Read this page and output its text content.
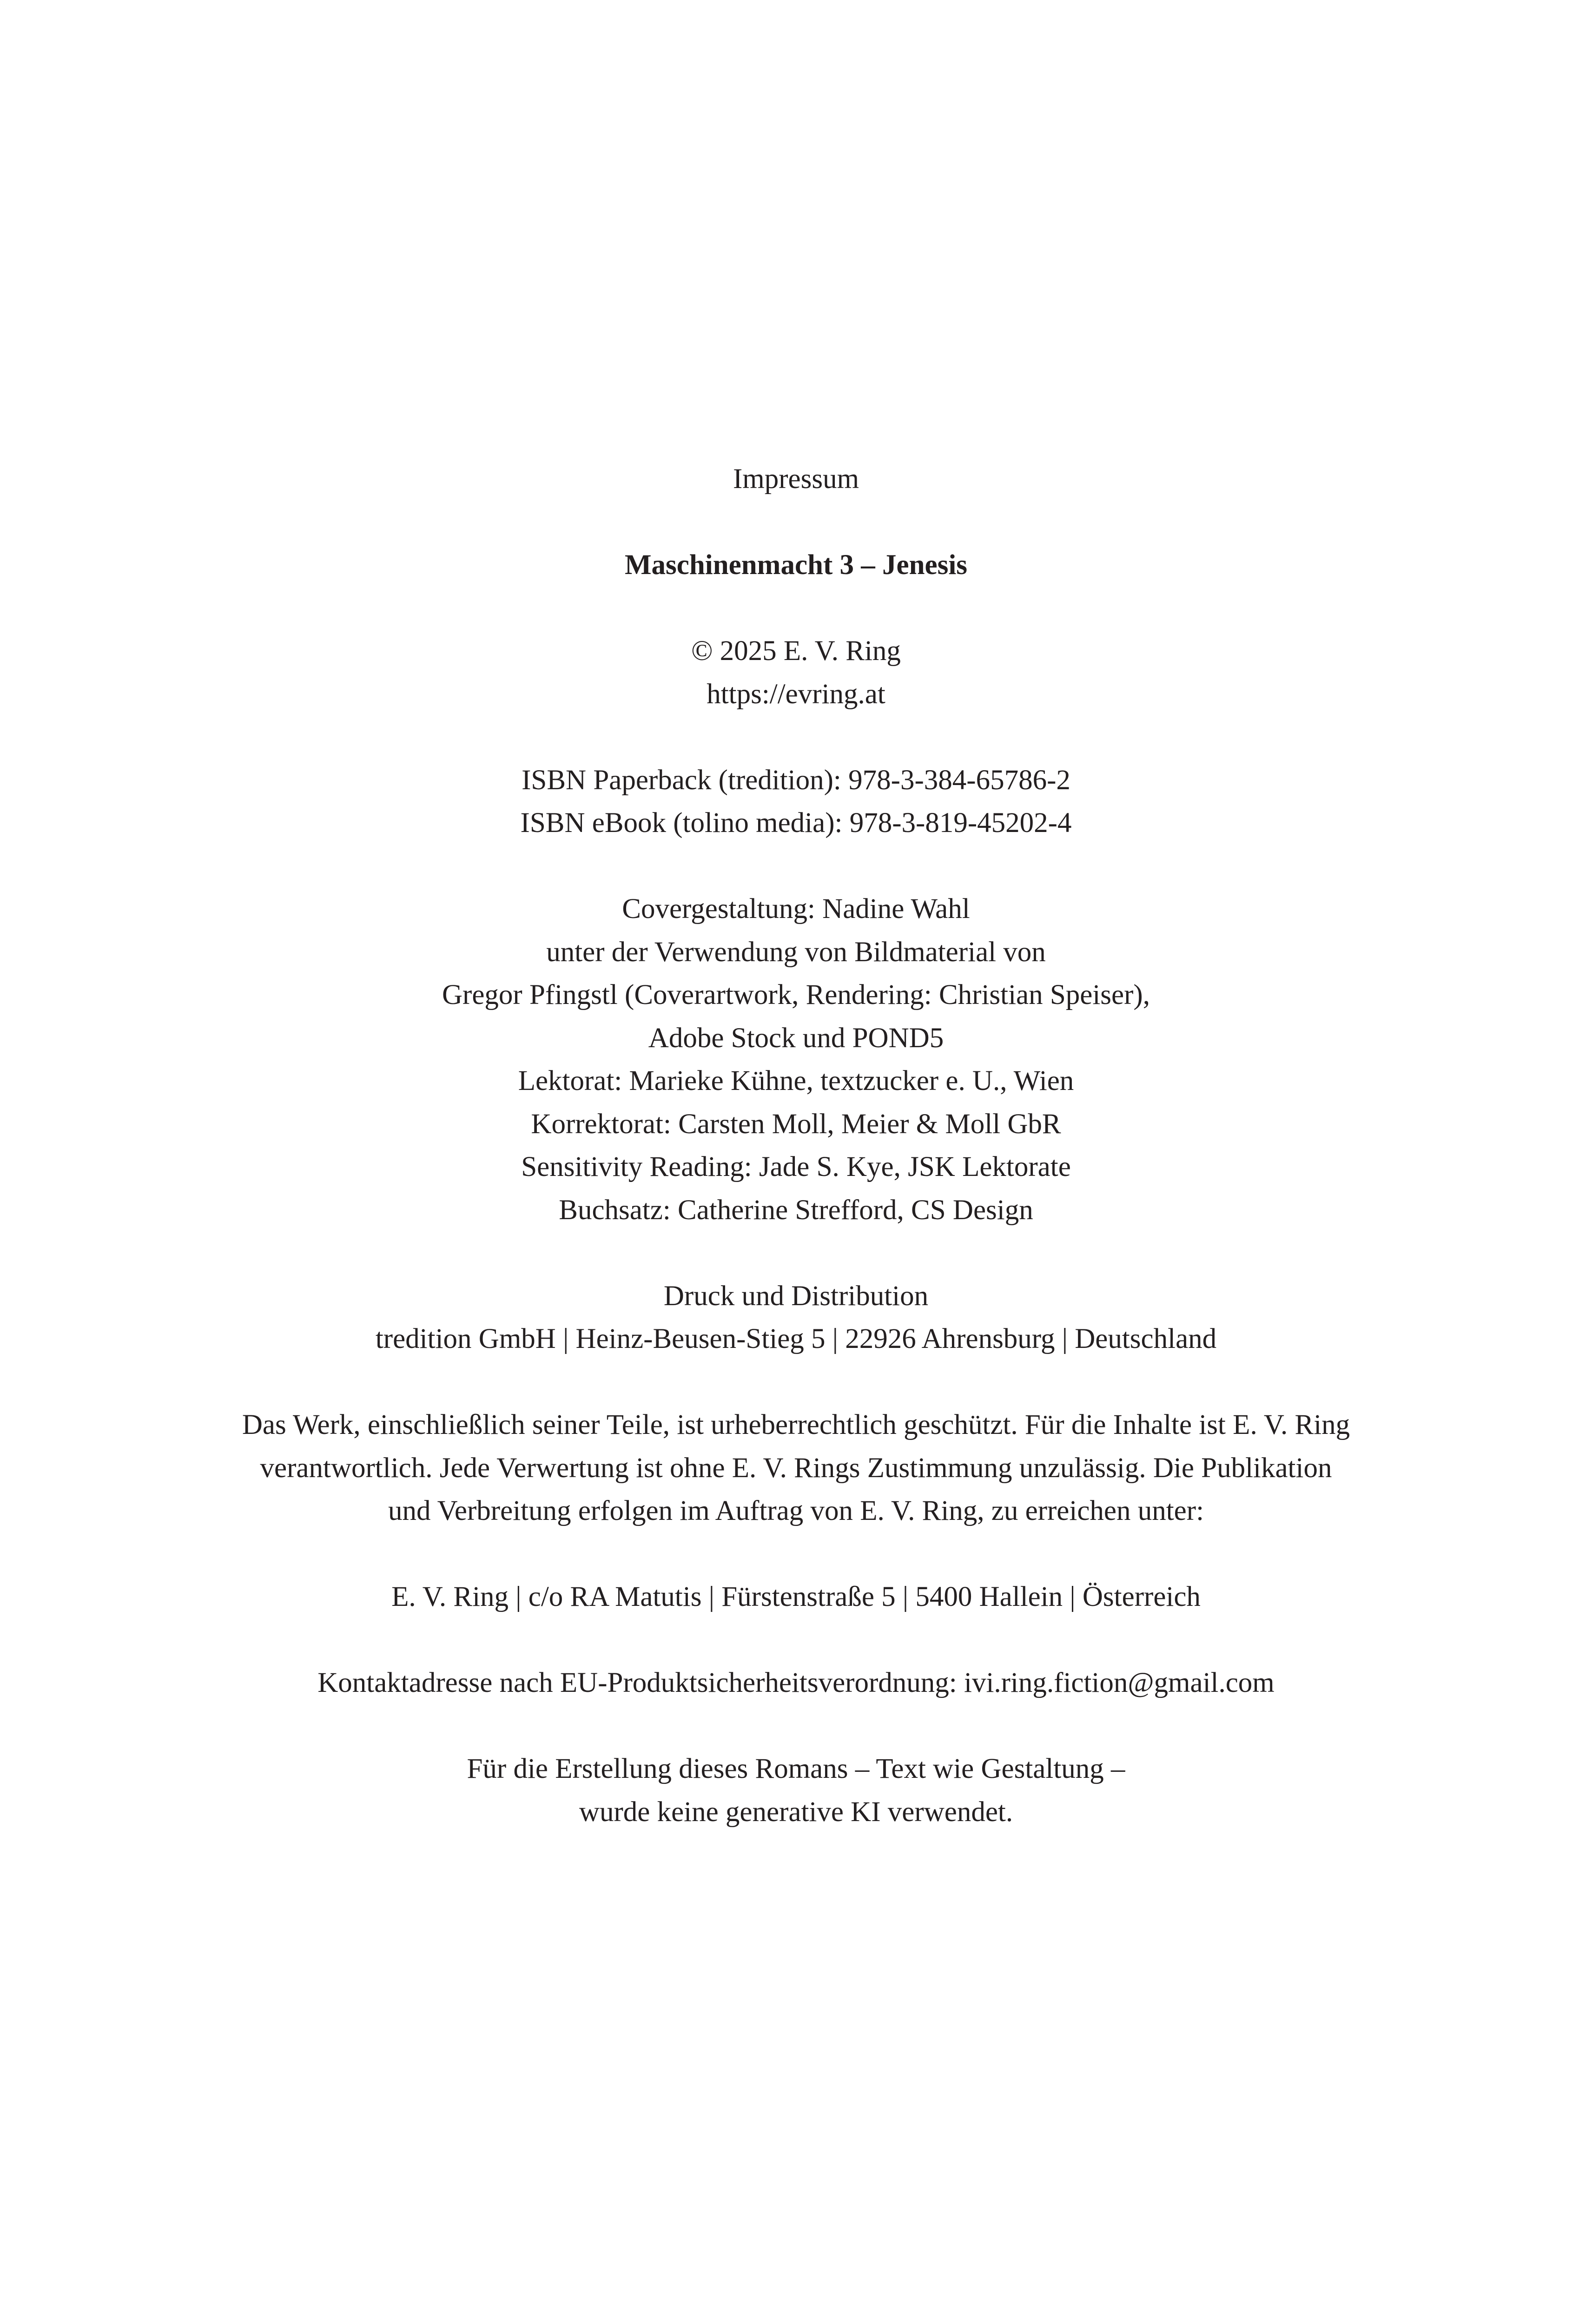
Impressum
Maschinenmacht 3 – Jenesis
© 2025 E. V. Ring
https://evring.at
ISBN Paperback (tredition): 978-3-384-65786-2
ISBN eBook (tolino media): 978-3-819-45202-4
Covergestaltung: Nadine Wahl
unter der Verwendung von Bildmaterial von
Gregor Pfingstl (Coverartwork, Rendering: Christian Speiser),
Adobe Stock und POND5
Lektorat: Marieke Kühne, textzucker e. U., Wien
Korrektorat: Carsten Moll, Meier & Moll GbR
Sensitivity Reading: Jade S. Kye, JSK Lektorate
Buchsatz: Catherine Strefford, CS Design
Druck und Distribution
tredition GmbH | Heinz-Beusen-Stieg 5 | 22926 Ahrensburg | Deutschland
Das Werk, einschließlich seiner Teile, ist urheberrechtlich geschützt. Für die Inhalte ist E. V. Ring
verantwortlich. Jede Verwertung ist ohne E. V. Rings Zustimmung unzulässig. Die Publikation
und Verbreitung erfolgen im Auftrag von E. V. Ring, zu erreichen unter:
E. V. Ring | c/o RA Matutis | Fürstenstraße 5 | 5400 Hallein | Österreich
Kontaktadresse nach EU-Produktsicherheitsverordnung: ivi.ring.fiction@gmail.com
Für die Erstellung dieses Romans – Text wie Gestaltung –
wurde keine generative KI verwendet.
